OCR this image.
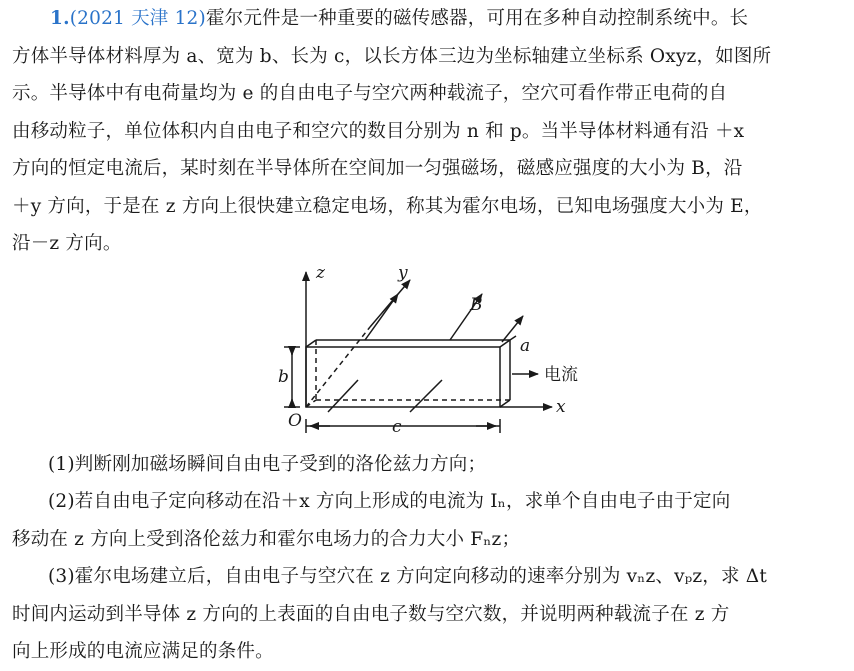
1.(2021 天津 12)霍尔元件是一种重要的磁传感器，可用在多种自动控制系统中。长
方体半导体材料厚为 a、宽为 b、长为 c，以长方体三边为坐标轴建立坐标系 Oxyz，如图所
示。半导体中有电荷量均为 e 的自由电子与空穴两种载流子，空穴可看作带正电荷的自
由移动粒子，单位体积内自由电子和空穴的数目分别为 n 和 p。当半导体材料通有沿 ＋x
方向的恒定电流后，某时刻在半导体所在空间加一匀强磁场，磁感应强度的大小为 B，沿
＋y 方向，于是在 z 方向上很快建立稳定电场，称其为霍尔电场，已知电场强度大小为 E，
沿－z 方向。
z	y
B
a
电流
b
O
x
c
(1)判断刚加磁场瞬间自由电子受到的洛伦兹力方向；
(2)若自由电子定向移动在沿＋x 方向上形成的电流为 Iₙ，求单个自由电子由于定向
移动在 z 方向上受到洛伦兹力和霍尔电场力的合力大小 Fₙz；
(3)霍尔电场建立后，自由电子与空穴在 z 方向定向移动的速率分别为 vₙz、vₚz，求 Δt
时间内运动到半导体 z 方向的上表面的自由电子数与空穴数，并说明两种载流子在 z 方
向上形成的电流应满足的条件。
